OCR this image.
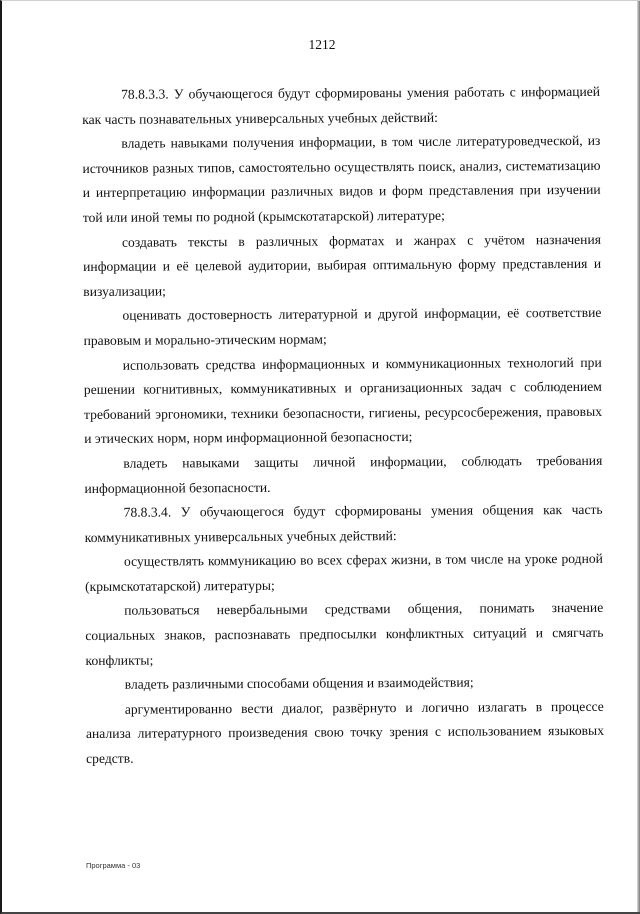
1212

78.8.3.3. У обучающегося будут сформированы умения работать с информацией как часть познавательных универсальных учебных действий:

владеть навыками получения информации, в том числе литературоведческой, из источников разных типов, самостоятельно осуществлять поиск, анализ, систематизацию и интерпретацию информации различных видов и форм представления при изучении той или иной темы по родной (крымскотатарской) литературе;

создавать тексты в различных форматах и жанрах с учётом назначения информации и её целевой аудитории, выбирая оптимальную форму представления и визуализации;

оценивать достоверность литературной и другой информации, её соответствие правовым и морально-этическим нормам;

использовать средства информационных и коммуникационных технологий при решении когнитивных, коммуникативных и организационных задач с соблюдением требований эргономики, техники безопасности, гигиены, ресурсосбережения, правовых и этических норм, норм информационной безопасности;

владеть навыками защиты личной информации, соблюдать требования информационной безопасности.

78.8.3.4. У обучающегося будут сформированы умения общения как часть коммуникативных универсальных учебных действий:

осуществлять коммуникацию во всех сферах жизни, в том числе на уроке родной (крымскотатарской) литературы;

пользоваться невербальными средствами общения, понимать значение социальных знаков, распознавать предпосылки конфликтных ситуаций и смягчать конфликты;

владеть различными способами общения и взаимодействия;

аргументированно вести диалог, развёрнуто и логично излагать в процессе анализа литературного произведения свою точку зрения с использованием языковых средств.

Программа - 03
